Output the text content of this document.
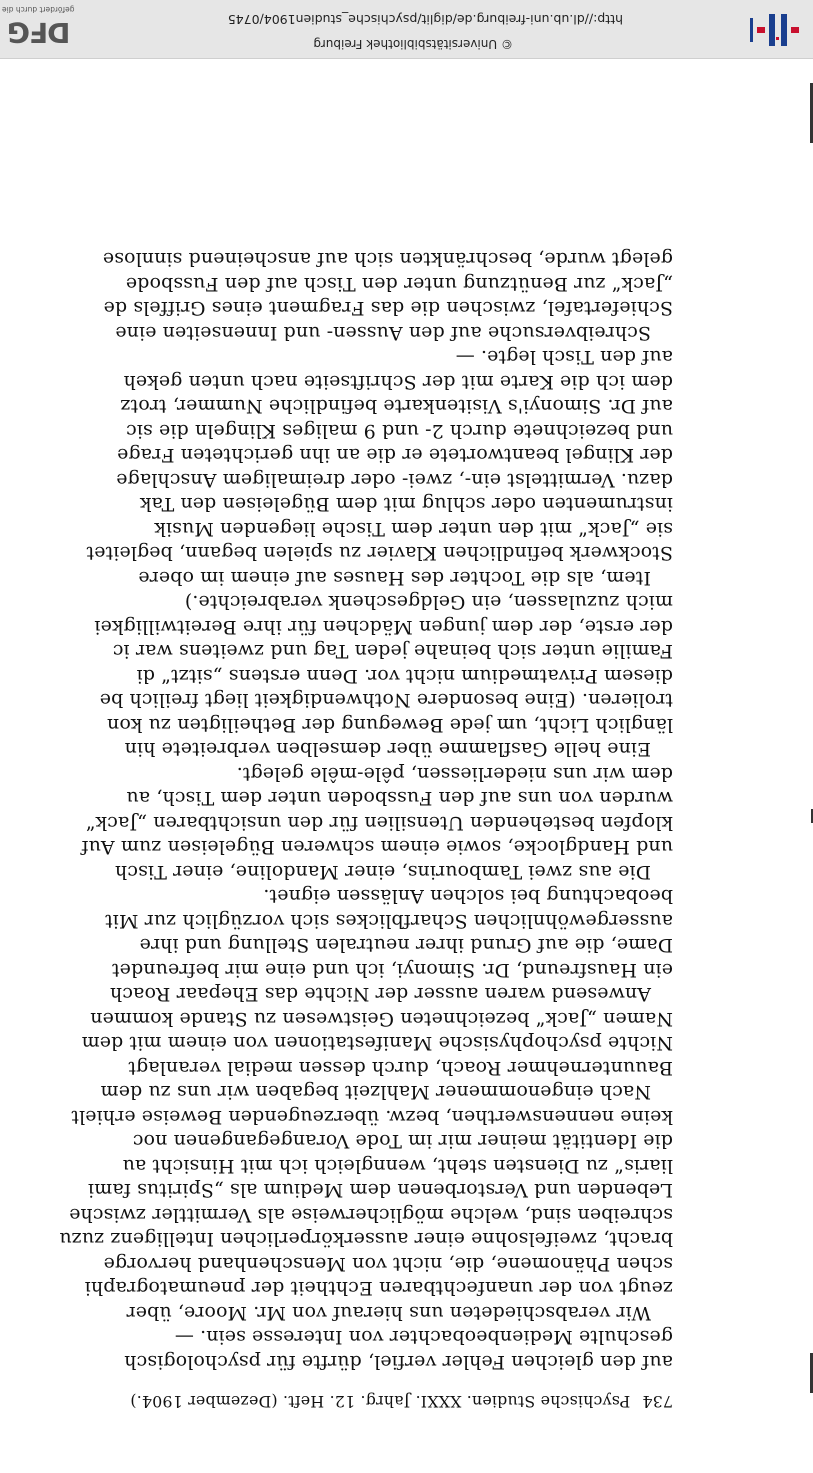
© Universitätsbibliothek Freiburg
http://dl.ub.uni-freiburg.de/diglit/psychische_studien1904/0745
DFG
gefördert durch die
734Psychische Studien. XXXI. Jahrg. 12. Heft. (Dezember 1904.)
auf den gleichen Fehler verfiel, dürfte für psychologisch
geschulte Medienbeobachter von Interesse sein. —
Wir verabschiedeten uns hierauf von Mr. Moore, über
zeugt von der unanfechtbaren Echtheit der pneumatographi
schen Phänomene, die, nicht von Menschenhand hervorge
bracht, zweifelsohne einer ausserkörperlichen Intelligenz zuzu
schreiben sind, welche möglicherweise als Vermittler zwische
Lebenden und Verstorbenen dem Medium als „Spiritus fami
liaris“ zu Diensten steht, wenngleich ich mit Hinsicht au
die Identität meiner mir im Tode Vorangegangenen noc
keine nennenswerthen, bezw. überzeugenden Beweise erhielt
Nach eingenommener Mahlzeit begaben wir uns zu dem
Bauunternehmer Roach, durch dessen medial veranlagt
Nichte psychophysische Manifestationen von einem mit dem
Namen „Jack“ bezeichneten Geistwesen zu Stande kommen
Anwesend waren ausser der Nichte das Ehepaar Roach
ein Hausfreund, Dr. Simonyi, ich und eine mir befreundet
Dame, die auf Grund ihrer neutralen Stellung und ihre
aussergewöhnlichen Scharfblickes sich vorzüglich zur Mit
beobachtung bei solchen Anlässen eignet.
Die aus zwei Tambourins, einer Mandoline, einer Tisch
und Handglocke, sowie einem schweren Bügeleisen zum Auf
klopfen bestehenden Utensilien für den unsichtbaren „Jack“
wurden von uns auf den Fussboden unter dem Tisch, au
dem wir uns niederliessen, pêle-mêle gelegt.
Eine helle Gasflamme über demselben verbreitete hin
länglich Licht, um jede Bewegung der Betheiligten zu kon
trolieren. (Eine besondere Nothwendigkeit liegt freilich be
diesem Privatmedium nicht vor. Denn erstens „sitzt“ di
Familie unter sich beinahe jeden Tag und zweitens war ic
der erste, der dem jungen Mädchen für ihre Bereitwilligkei
mich zuzulassen, ein Geldgeschenk verabreichte.)
Item, als die Tochter des Hauses auf einem im obere
Stockwerk befindlichen Klavier zu spielen begann, begleitet
sie „Jack“ mit den unter dem Tische liegenden Musik
instrumenten oder schlug mit dem Bügeleisen den Tak
dazu. Vermittelst ein-, zwei- oder dreimaligem Anschlage
der Klingel beantwortete er die an ihn gerichteten Frage
und bezeichnete durch 2- und 9 maliges Klingeln die sic
auf Dr. Simonyi's Visitenkarte befindliche Nummer, trotz
dem ich die Karte mit der Schriftseite nach unten gekeh
auf den Tisch legte. —
Schreibversuche auf den Aussen- und Innenseiten eine
Schiefertafel, zwischen die das Fragment eines Griffels de
„Jack“ zur Benützung unter den Tisch auf den Fussbode
gelegt wurde, beschränkten sich auf anscheinend sinnlose
